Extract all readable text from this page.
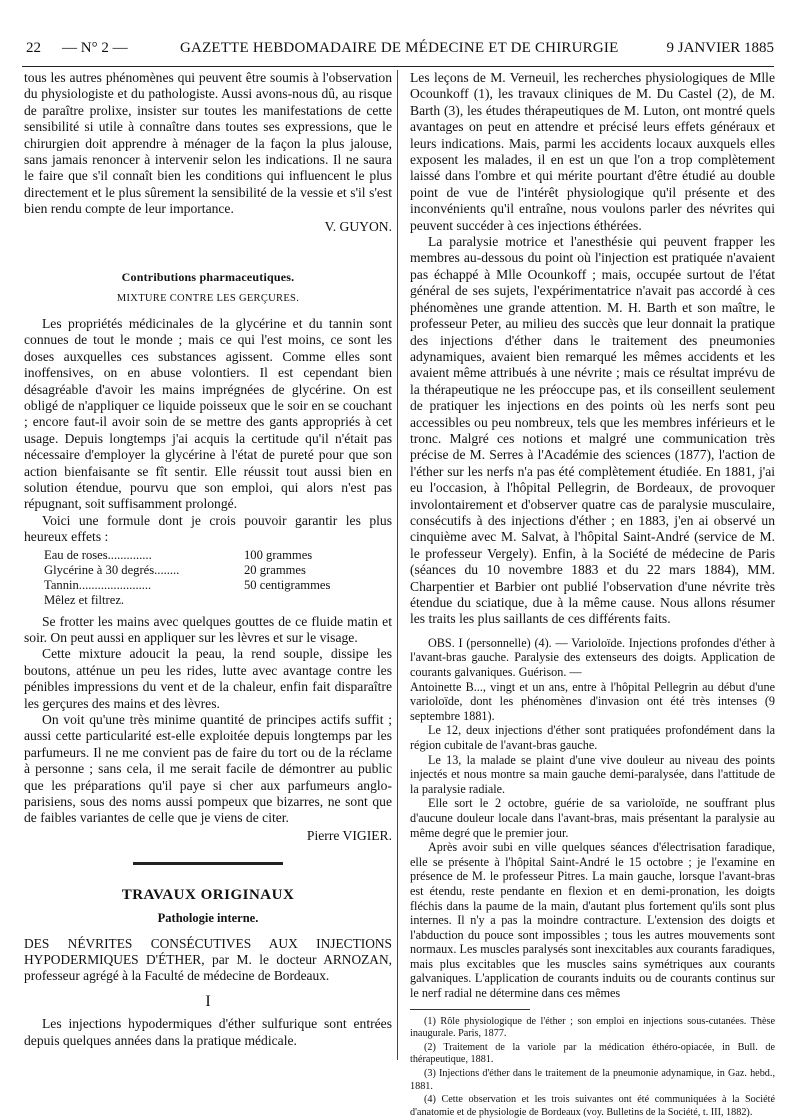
22 — N° 2 —	GAZETTE HEBDOMADAIRE DE MÉDECINE ET DE CHIRURGIE	9 JANVIER 1885

tous les autres phénomènes qui peuvent être soumis à l'observation du physiologiste et du pathologiste. Aussi avons-nous dû, au risque de paraître prolixe, insister sur toutes les manifestations de cette sensibilité si utile à connaître dans toutes ses expressions, que le chirurgien doit apprendre à ménager de la façon la plus jalouse, sans jamais renoncer à intervenir selon les indications. Il ne saura le faire que s'il connaît bien les conditions qui influencent le plus directement et le plus sûrement la sensibilité de la vessie et s'il s'est bien rendu compte de leur importance.

V. GUYON.

Contributions pharmaceutiques.
MIXTURE CONTRE LES GERÇURES.

Les propriétés médicinales de la glycérine et du tannin sont connues de tout le monde ; mais ce qui l'est moins, ce sont les doses auxquelles ces substances agissent. Comme elles sont inoffensives, on en abuse volontiers. Il est cependant bien désagréable d'avoir les mains imprégnées de glycérine. On est obligé de n'appliquer ce liquide poisseux que le soir en se couchant ; encore faut-il avoir soin de se mettre des gants appropriés à cet usage. Depuis longtemps j'ai acquis la certitude qu'il n'était pas nécessaire d'employer la glycérine à l'état de pureté pour que son action bienfaisante se fît sentir. Elle réussit tout aussi bien en solution étendue, pourvu que son emploi, qui alors n'est pas répugnant, soit suffisamment prolongé.

Voici une formule dont je crois pouvoir garantir les plus heureux effets :

Eau de roses..............	100 grammes
Glycérine à 30 degrés........	20 grammes
Tannin.......................	50 centigrammes
Mêlez et filtrez.

Se frotter les mains avec quelques gouttes de ce fluide matin et soir. On peut aussi en appliquer sur les lèvres et sur le visage.

Cette mixture adoucit la peau, la rend souple, dissipe les boutons, atténue un peu les rides, lutte avec avantage contre les pénibles impressions du vent et de la chaleur, enfin fait disparaître les gerçures des mains et des lèvres.

On voit qu'une très minime quantité de principes actifs suffit ; aussi cette particularité est-elle exploitée depuis longtemps par les parfumeurs. Il ne me convient pas de faire du tort ou de la réclame à personne ; sans cela, il me serait facile de démontrer au public que les préparations qu'il paye si cher aux parfumeurs anglo-parisiens, sous des noms aussi pompeux que bizarres, ne sont que de faibles variantes de celle que je viens de citer.

Pierre VIGIER.

TRAVAUX ORIGINAUX
Pathologie interne.

DES NÉVRITES CONSÉCUTIVES AUX INJECTIONS HYPODERMIQUES D'ÉTHER, par M. le docteur ARNOZAN, professeur agrégé à la Faculté de médecine de Bordeaux.

I

Les injections hypodermiques d'éther sulfurique sont entrées depuis quelques années dans la pratique médicale.

Les leçons de M. Verneuil, les recherches physiologiques de Mlle Ocounkoff (1), les travaux cliniques de M. Du Castel (2), de M. Barth (3), les études thérapeutiques de M. Luton, ont montré quels avantages on peut en attendre et précisé leurs effets généraux et leurs indications. Mais, parmi les accidents locaux auxquels elles exposent les malades, il en est un que l'on a trop complètement laissé dans l'ombre et qui mérite pourtant d'être étudié au double point de vue de l'intérêt physiologique qu'il présente et des inconvénients qu'il entraîne, nous voulons parler des névrites qui peuvent succéder à ces injections éthérées.

La paralysie motrice et l'anesthésie qui peuvent frapper les membres au-dessous du point où l'injection est pratiquée n'avaient pas échappé à Mlle Ocounkoff ; mais, occupée surtout de l'état général de ses sujets, l'expérimentatrice n'avait pas accordé à ces phénomènes une grande attention. M. H. Barth et son maître, le professeur Peter, au milieu des succès que leur donnait la pratique des injections d'éther dans le traitement des pneumonies adynamiques, avaient bien remarqué les mêmes accidents et les avaient même attribués à une névrite ; mais ce résultat imprévu de la thérapeutique ne les préoccupe pas, et ils conseillent seulement de pratiquer les injections en des points où les nerfs sont peu accessibles ou peu nombreux, tels que les membres inférieurs et le tronc. Malgré ces notions et malgré une communication très précise de M. Serres à l'Académie des sciences (1877), l'action de l'éther sur les nerfs n'a pas été complètement étudiée. En 1881, j'ai eu l'occasion, à l'hôpital Pellegrin, de Bordeaux, de provoquer involontairement et d'observer quatre cas de paralysie musculaire, consécutifs à des injections d'éther ; en 1883, j'en ai observé un cinquième avec M. Salvat, à l'hôpital Saint-André (service de M. le professeur Vergely). Enfin, à la Société de médecine de Paris (séances du 10 novembre 1883 et du 22 mars 1884), MM. Charpentier et Barbier ont publié l'observation d'une névrite très étendue du sciatique, due à la même cause. Nous allons résumer les traits les plus saillants de ces différents faits.

OBS. I (personnelle) (4). — Varioloïde. Injections profondes d'éther à l'avant-bras gauche. Paralysie des extenseurs des doigts. Application de courants galvaniques. Guérison. —

Antoinette B..., vingt et un ans, entre à l'hôpital Pellegrin au début d'une varioloïde, dont les phénomènes d'invasion ont été très intenses (9 septembre 1881).

Le 12, deux injections d'éther sont pratiquées profondément dans la région cubitale de l'avant-bras gauche.

Le 13, la malade se plaint d'une vive douleur au niveau des points injectés et nous montre sa main gauche demi-paralysée, dans l'attitude de la paralysie radiale.

Elle sort le 2 octobre, guérie de sa varioloïde, ne souffrant plus d'aucune douleur locale dans l'avant-bras, mais présentant la paralysie au même degré que le premier jour.

Après avoir subi en ville quelques séances d'électrisation faradique, elle se présente à l'hôpital Saint-André le 15 octobre ; je l'examine en présence de M. le professeur Pitres. La main gauche, lorsque l'avant-bras est étendu, reste pendante en flexion et en demi-pronation, les doigts fléchis dans la paume de la main, d'autant plus fortement qu'ils sont plus internes. Il n'y a pas la moindre contracture. L'extension des doigts et l'abduction du pouce sont impossibles ; tous les autres mouvements sont normaux. Les muscles paralysés sont inexcitables aux courants faradiques, mais plus excitables que les muscles sains symétriques aux courants galvaniques. L'application de courants induits ou de courants continus sur le nerf radial ne détermine dans ces mêmes

(1) Rôle physiologique de l'éther ; son emploi en injections sous-cutanées. Thèse inaugurale. Paris, 1877.

(2) Traitement de la variole par la médication éthéro-opiacée, in Bull. de thérapeutique, 1881.

(3) Injections d'éther dans le traitement de la pneumonie adynamique, in Gaz. hebd., 1881.

(4) Cette observation et les trois suivantes ont été communiquées à la Société d'anatomie et de physiologie de Bordeaux (voy. Bulletins de la Société, t. III, 1882).
